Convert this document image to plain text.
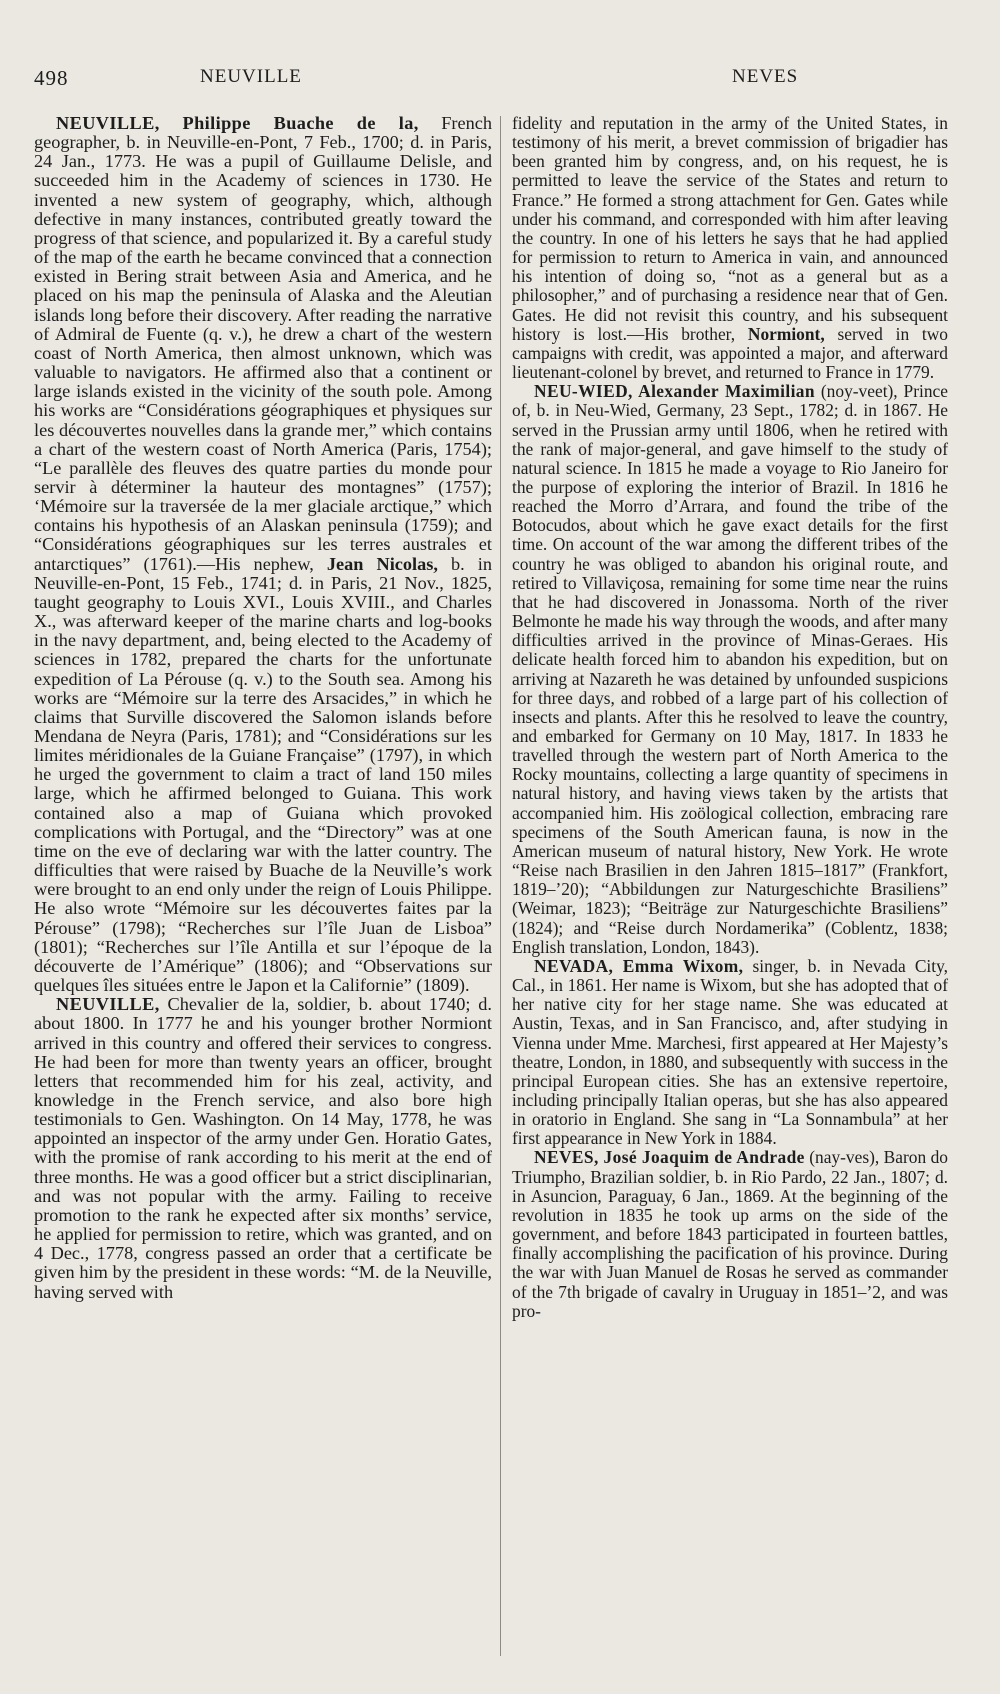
498	NEUVILLE	NEVES

NEUVILLE, Philippe Buache de la, French geographer, b. in Neuville-en-Pont, 7 Feb., 1700; d. in Paris, 24 Jan., 1773. He was a pupil of Guillaume Delisle, and succeeded him in the Academy of sciences in 1730. He invented a new system of geography, which, although defective in many instances, contributed greatly toward the progress of that science, and popularized it. By a careful study of the map of the earth he became convinced that a connection existed in Bering strait between Asia and America, and he placed on his map the peninsula of Alaska and the Aleutian islands long before their discovery. After reading the narrative of Admiral de Fuente (q. v.), he drew a chart of the western coast of North America, then almost unknown, which was valuable to navigators. He affirmed also that a continent or large islands existed in the vicinity of the south pole. Among his works are “Considérations géographiques et physiques sur les découvertes nouvelles dans la grande mer,” which contains a chart of the western coast of North America (Paris, 1754); “Le parallèle des fleuves des quatre parties du monde pour servir à déterminer la hauteur des montagnes” (1757); ‘Mémoire sur la traversée de la mer glaciale arctique,” which contains his hypothesis of an Alaskan peninsula (1759); and “Considérations géographiques sur les terres australes et antarctiques” (1761).—His nephew, Jean Nicolas, b. in Neuville-en-Pont, 15 Feb., 1741; d. in Paris, 21 Nov., 1825, taught geography to Louis XVI., Louis XVIII., and Charles X., was afterward keeper of the marine charts and log-books in the navy department, and, being elected to the Academy of sciences in 1782, prepared the charts for the unfortunate expedition of La Pérouse (q. v.) to the South sea. Among his works are “Mémoire sur la terre des Arsacides,” in which he claims that Surville discovered the Salomon islands before Mendana de Neyra (Paris, 1781); and “Considérations sur les limites méridionales de la Guiane Française” (1797), in which he urged the government to claim a tract of land 150 miles large, which he affirmed belonged to Guiana. This work contained also a map of Guiana which provoked complications with Portugal, and the “Directory” was at one time on the eve of declaring war with the latter country. The difficulties that were raised by Buache de la Neuville’s work were brought to an end only under the reign of Louis Philippe. He also wrote “Mémoire sur les découvertes faites par la Pérouse” (1798); “Recherches sur l’île Juan de Lisboa” (1801); “Recherches sur l’île Antilla et sur l’époque de la découverte de l’Amérique” (1806); and “Observations sur quelques îles situées entre le Japon et la Californie” (1809).

NEUVILLE, Chevalier de la, soldier, b. about 1740; d. about 1800. In 1777 he and his younger brother Normiont arrived in this country and offered their services to congress. He had been for more than twenty years an officer, brought letters that recommended him for his zeal, activity, and knowledge in the French service, and also bore high testimonials to Gen. Washington. On 14 May, 1778, he was appointed an inspector of the army under Gen. Horatio Gates, with the promise of rank according to his merit at the end of three months. He was a good officer but a strict disciplinarian, and was not popular with the army. Failing to receive promotion to the rank he expected after six months’ service, he applied for permission to retire, which was granted, and on 4 Dec., 1778, congress passed an order that a certificate be given him by the president in these words: “M. de la Neuville, having served with

fidelity and reputation in the army of the United States, in testimony of his merit, a brevet commission of brigadier has been granted him by congress, and, on his request, he is permitted to leave the service of the States and return to France.” He formed a strong attachment for Gen. Gates while under his command, and corresponded with him after leaving the country. In one of his letters he says that he had applied for permission to return to America in vain, and announced his intention of doing so, “not as a general but as a philosopher,” and of purchasing a residence near that of Gen. Gates. He did not revisit this country, and his subsequent history is lost.—His brother, Normiont, served in two campaigns with credit, was appointed a major, and afterward lieutenant-colonel by brevet, and returned to France in 1779.

NEU-WIED, Alexander Maximilian (noy-veet), Prince of, b. in Neu-Wied, Germany, 23 Sept., 1782; d. in 1867. He served in the Prussian army until 1806, when he retired with the rank of major-general, and gave himself to the study of natural science. In 1815 he made a voyage to Rio Janeiro for the purpose of exploring the interior of Brazil. In 1816 he reached the Morro d’Arrara, and found the tribe of the Botocudos, about which he gave exact details for the first time. On account of the war among the different tribes of the country he was obliged to abandon his original route, and retired to Villaviçosa, remaining for some time near the ruins that he had discovered in Jonassoma. North of the river Belmonte he made his way through the woods, and after many difficulties arrived in the province of Minas-Geraes. His delicate health forced him to abandon his expedition, but on arriving at Nazareth he was detained by unfounded suspicions for three days, and robbed of a large part of his collection of insects and plants. After this he resolved to leave the country, and embarked for Germany on 10 May, 1817. In 1833 he travelled through the western part of North America to the Rocky mountains, collecting a large quantity of specimens in natural history, and having views taken by the artists that accompanied him. His zoölogical collection, embracing rare specimens of the South American fauna, is now in the American museum of natural history, New York. He wrote “Reise nach Brasilien in den Jahren 1815–1817” (Frankfort, 1819–’20); “Abbildungen zur Naturgeschichte Brasiliens” (Weimar, 1823); “Beiträge zur Naturgeschichte Brasiliens” (1824); and “Reise durch Nordamerika” (Coblentz, 1838; English translation, London, 1843).

NEVADA, Emma Wixom, singer, b. in Nevada City, Cal., in 1861. Her name is Wixom, but she has adopted that of her native city for her stage name. She was educated at Austin, Texas, and in San Francisco, and, after studying in Vienna under Mme. Marchesi, first appeared at Her Majesty’s theatre, London, in 1880, and subsequently with success in the principal European cities. She has an extensive repertoire, including principally Italian operas, but she has also appeared in oratorio in England. She sang in “La Sonnambula” at her first appearance in New York in 1884.

NEVES, José Joaquim de Andrade (nay-ves), Baron do Triumpho, Brazilian soldier, b. in Rio Pardo, 22 Jan., 1807; d. in Asuncion, Paraguay, 6 Jan., 1869. At the beginning of the revolution in 1835 he took up arms on the side of the government, and before 1843 participated in fourteen battles, finally accomplishing the pacification of his province. During the war with Juan Manuel de Rosas he served as commander of the 7th brigade of cavalry in Uruguay in 1851–’2, and was pro-
